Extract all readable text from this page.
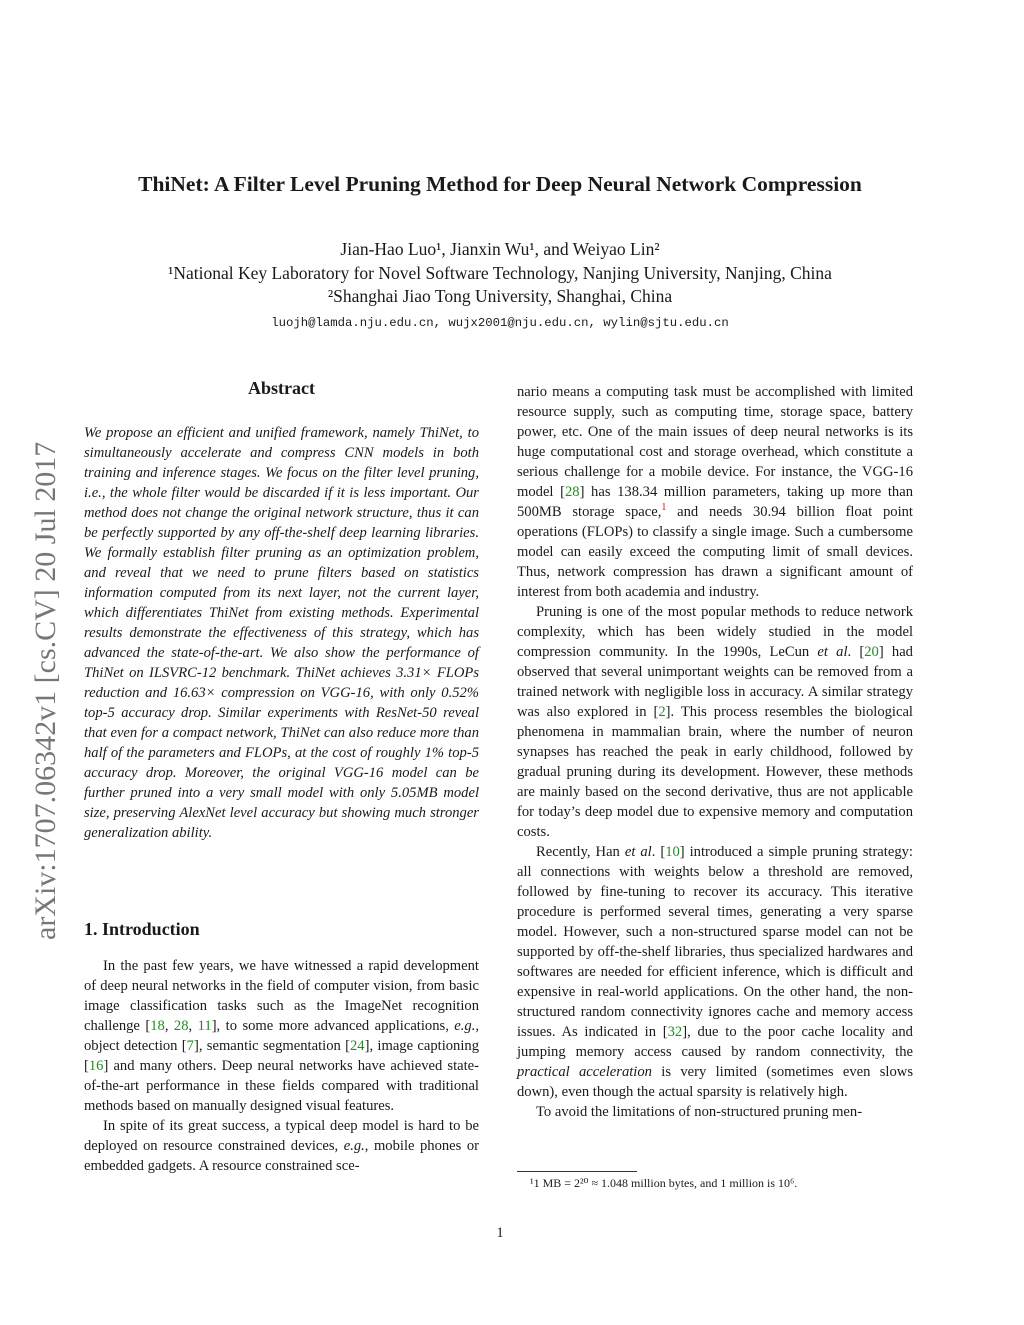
ThiNet: A Filter Level Pruning Method for Deep Neural Network Compression
Jian-Hao Luo¹, Jianxin Wu¹, and Weiyao Lin²
¹National Key Laboratory for Novel Software Technology, Nanjing University, Nanjing, China
²Shanghai Jiao Tong University, Shanghai, China
luojh@lamda.nju.edu.cn, wujx2001@nju.edu.cn, wylin@sjtu.edu.cn
arXiv:1707.06342v1 [cs.CV] 20 Jul 2017
Abstract
We propose an efficient and unified framework, namely ThiNet, to simultaneously accelerate and compress CNN models in both training and inference stages. We focus on the filter level pruning, i.e., the whole filter would be discarded if it is less important. Our method does not change the original network structure, thus it can be perfectly supported by any off-the-shelf deep learning libraries. We formally establish filter pruning as an optimization problem, and reveal that we need to prune filters based on statistics information computed from its next layer, not the current layer, which differentiates ThiNet from existing methods. Experimental results demonstrate the effectiveness of this strategy, which has advanced the state-of-the-art. We also show the performance of ThiNet on ILSVRC-12 benchmark. ThiNet achieves 3.31× FLOPs reduction and 16.63× compression on VGG-16, with only 0.52% top-5 accuracy drop. Similar experiments with ResNet-50 reveal that even for a compact network, ThiNet can also reduce more than half of the parameters and FLOPs, at the cost of roughly 1% top-5 accuracy drop. Moreover, the original VGG-16 model can be further pruned into a very small model with only 5.05MB model size, preserving AlexNet level accuracy but showing much stronger generalization ability.
1. Introduction

In the past few years, we have witnessed a rapid development of deep neural networks in the field of computer vision, from basic image classification tasks such as the ImageNet recognition challenge [18, 28, 11], to some more advanced applications, e.g., object detection [7], semantic segmentation [24], image captioning [16] and many others. Deep neural networks have achieved state-of-the-art performance in these fields compared with traditional methods based on manually designed visual features.

In spite of its great success, a typical deep model is hard to be deployed on resource constrained devices, e.g., mobile phones or embedded gadgets. A resource constrained sce-

nario means a computing task must be accomplished with limited resource supply, such as computing time, storage space, battery power, etc. One of the main issues of deep neural networks is its huge computational cost and storage overhead, which constitute a serious challenge for a mobile device. For instance, the VGG-16 model [28] has 138.34 million parameters, taking up more than 500MB storage space,$^1$ and needs 30.94 billion float point operations (FLOPs) to classify a single image. Such a cumbersome model can easily exceed the computing limit of small devices. Thus, network compression has drawn a significant amount of interest from both academia and industry.

Pruning is one of the most popular methods to reduce network complexity, which has been widely studied in the model compression community. In the 1990s, LeCun et al. [20] had observed that several unimportant weights can be removed from a trained network with negligible loss in accuracy. A similar strategy was also explored in [2]. This process resembles the biological phenomena in mammalian brain, where the number of neuron synapses has reached the peak in early childhood, followed by gradual pruning during its development. However, these methods are mainly based on the second derivative, thus are not applicable for today’s deep model due to expensive memory and computation costs.

Recently, Han et al. [10] introduced a simple pruning strategy: all connections with weights below a threshold are removed, followed by fine-tuning to recover its accuracy. This iterative procedure is performed several times, generating a very sparse model. However, such a non-structured sparse model can not be supported by off-the-shelf libraries, thus specialized hardwares and softwares are needed for efficient inference, which is difficult and expensive in real-world applications. On the other hand, the non-structured random connectivity ignores cache and memory access issues. As indicated in [32], due to the poor cache locality and jumping memory access caused by random connectivity, the practical acceleration is very limited (sometimes even slows down), even though the actual sparsity is relatively high.

To avoid the limitations of non-structured pruning men-

¹1 MB = 2²⁰ ≈ 1.048 million bytes, and 1 million is 10⁶.
1
